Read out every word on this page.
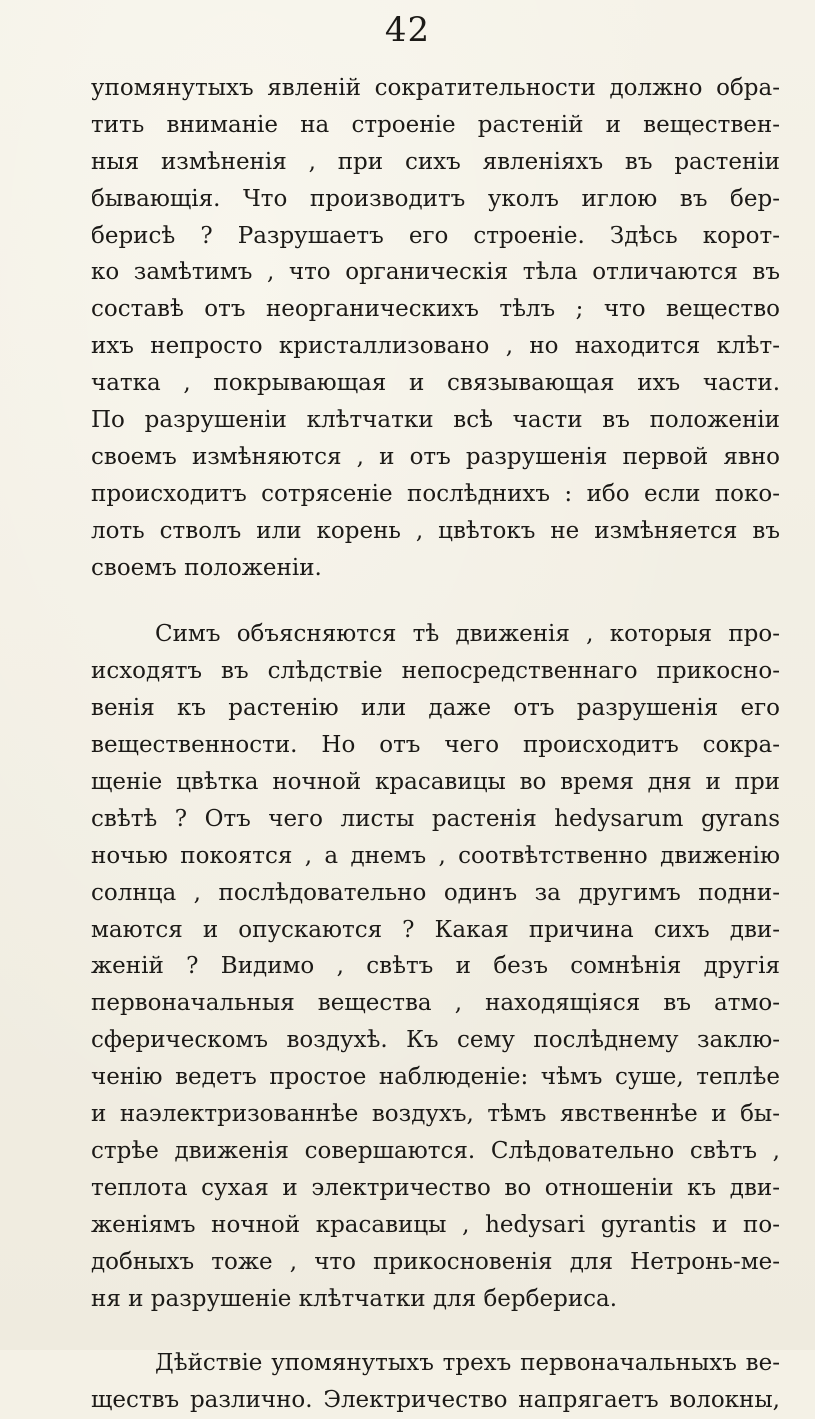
42
упомянутыхъ явленій сократительности должно обра-
тить вниманіе на строеніе растеній и веществен-
ныя измѣненія , при сихъ явленіяхъ въ растеніи
бывающія. Что производитъ уколъ иглою въ бер-
берисѣ ? Разрушаетъ его строеніе. Здѣсь корот-
ко замѣтимъ , что органическія тѣла отличаются въ
составѣ отъ неорганическихъ тѣлъ ; что вещество
ихъ непросто кристаллизовано , но находится клѣт-
чатка , покрывающая и связывающая ихъ части.
По разрушеніи клѣтчатки всѣ части въ положеніи
своемъ измѣняются , и отъ разрушенія первой явно
происходитъ сотрясеніе послѣднихъ : ибо если поко-
лоть стволъ или корень , цвѣтокъ не измѣняется въ
своемъ положеніи.
Симъ объясняются тѣ движенія , которыя про-
исходятъ въ слѣдствіе непосредственнаго прикосно-
венія къ растенію или даже отъ разрушенія его
вещественности. Но отъ чего происходитъ сокра-
щеніе цвѣтка ночной красавицы во время дня и при
свѣтѣ ? Отъ чего листы растенія hedysarum gyrans
ночью покоятся , а днемъ , соотвѣтственно движенію
солнца , послѣдовательно одинъ за другимъ подни-
маются и опускаются ? Какая причина сихъ дви-
женій ? Видимо , свѣтъ и безъ сомнѣнія другія
первоначальныя вещества , находящіяся въ атмо-
сферическомъ воздухѣ. Къ сему послѣднему заклю-
ченію ведетъ простое наблюденіе: чѣмъ суше, теплѣе
и наэлектризованнѣе воздухъ, тѣмъ явственнѣе и бы-
стрѣе движенія совершаются. Слѣдовательно свѣтъ ,
теплота сухая и электричество во отношеніи къ дви-
женіямъ ночной красавицы , hedysari gyrantis и по-
добныхъ тоже , что прикосновенія для Нетронь-ме-
ня и разрушеніе клѣтчатки для бербериса.
Дѣйствіе упомянутыхъ трехъ первоначальныхъ ве-
ществъ различно. Электричество напрягаетъ волокны,
